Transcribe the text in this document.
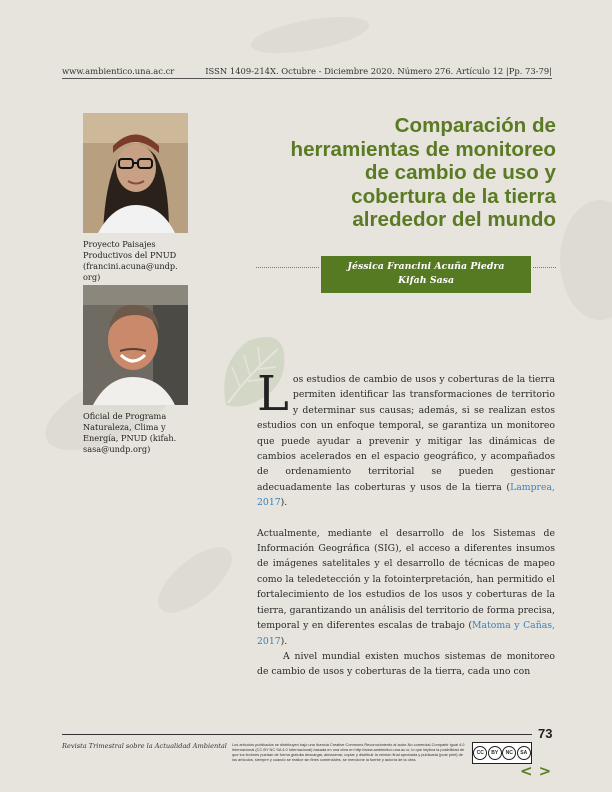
www.ambientico.una.ac.cr	ISSN 1409-214X. Octubre - Diciembre 2020. Número 276. Artículo 12 |Pp. 73-79|
Comparación de
herramientas de monitoreo
de cambio de uso y
cobertura de la tierra
alrededor del mundo
Proyecto Paisajes
Productivos del PNUD
(francini.acuna@undp.
org)
Oficial de Programa
Naturaleza, Clima y
Energía, PNUD (kifah.
sasa@undp.org)
Jéssica Francini Acuña Piedra
Kifah Sasa

Los estudios de cambio de usos y coberturas de la tierra permiten identificar las transformaciones de territorio y determinar sus causas; además, si se realizan estos estudios con un enfoque temporal, se garantiza un monitoreo que puede ayudar a prevenir y mitigar las dinámicas de cambios acelerados en el espacio geográfico, y acompañados de ordenamiento territorial se pueden gestionar adecuadamente las coberturas y usos de la tierra (Lamprea, 2017).

Actualmente, mediante el desarrollo de los Sistemas de Información Geográfica (SIG), el acceso a diferentes insumos de imágenes satelitales y el desarrollo de técnicas de mapeo como la teledetección y la fotointerpretación, han permitido el fortalecimiento de los estudios de los usos y coberturas de la tierra, garantizando un análisis del territorio de forma precisa, temporal y en diferentes escalas de trabajo (Matoma y Cañas, 2017).

A nivel mundial existen muchos sistemas de monitoreo de cambio de usos y coberturas de la tierra, cada uno con

73
Revista Trimestral sobre la Actualidad Ambiental Los artículos publicados se distribuyen bajo una licencia Creative Commons Reconocimiento al autor-No comercial-Compartir igual 4.0 Internacional (CC BY NC SA 4.0 Internacional) basada en una obra en http://www.ambientico.una.ac.cr, lo que implica la posibilidad de que los lectores puedan de forma gratuita descargar, almacenar, copiar y distribuir la versión final aprobada y publicada (post print) de los artículos, siempre y cuando se realice sin fines comerciales, se mencione la fuente y autoría de la obra.
CC	BY	NC	SA
<>
